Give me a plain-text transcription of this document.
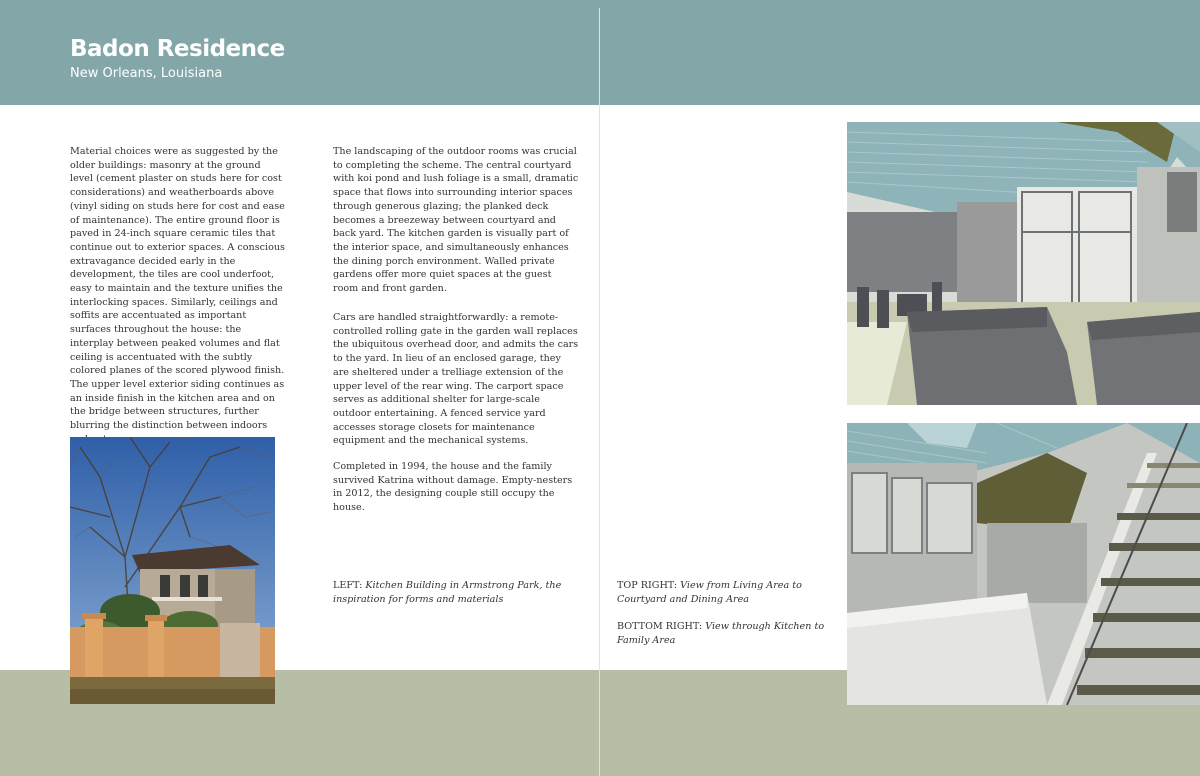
Badon Residence
New Orleans, Louisiana
Material choices were as suggested by the older buildings: masonry at the ground level (cement plaster on studs here for cost considerations) and weatherboards above (vinyl siding on studs here for cost and ease of maintenance). The entire ground floor is paved in 24-inch square ceramic tiles that continue out to exterior spaces. A conscious extravagance decided early in the development, the tiles are cool underfoot, easy to maintain and the texture unifies the interlocking spaces. Similarly, ceilings and soffits are accentuated as important surfaces throughout the house: the interplay between peaked volumes and flat ceiling is accentuated with the subtly colored planes of the scored plywood finish. The upper level exterior siding continues as an inside finish in the kitchen area and on the bridge between structures, further blurring the distinction between indoors
The landscaping of the outdoor rooms was crucial to completing the scheme. The central courtyard with koi pond and lush foliage is a small, dramatic space that flows into surrounding interior spaces through generous glazing; the planked deck becomes a breezeway between courtyard and back yard. The kitchen garden is visually part of the interior space, and simultaneously enhances the dining porch environment. Walled private gardens offer more quiet spaces at the guest room and front garden.
Cars are handled straightforwardly: a remote-controlled rolling gate in the garden wall replaces the ubiquitous overhead door, and admits the cars to the yard. In lieu of an enclosed garage, they are sheltered under a trelliage extension of the upper level of the rear wing. The carport space serves as additional shelter for large-scale outdoor entertaining. A fenced service yard accesses storage closets for maintenance equipment and the mechanical systems.
Completed in 1994, the house and the family survived Katrina without damage. Empty-nesters in 2012, the designing couple still occupy the house.
LEFT: Kitchen Building in Armstrong Park, the inspiration for forms and materials
TOP RIGHT: View from Living Area to Courtyard and Dining Area
BOTTOM RIGHT: View through Kitchen to Family Area
